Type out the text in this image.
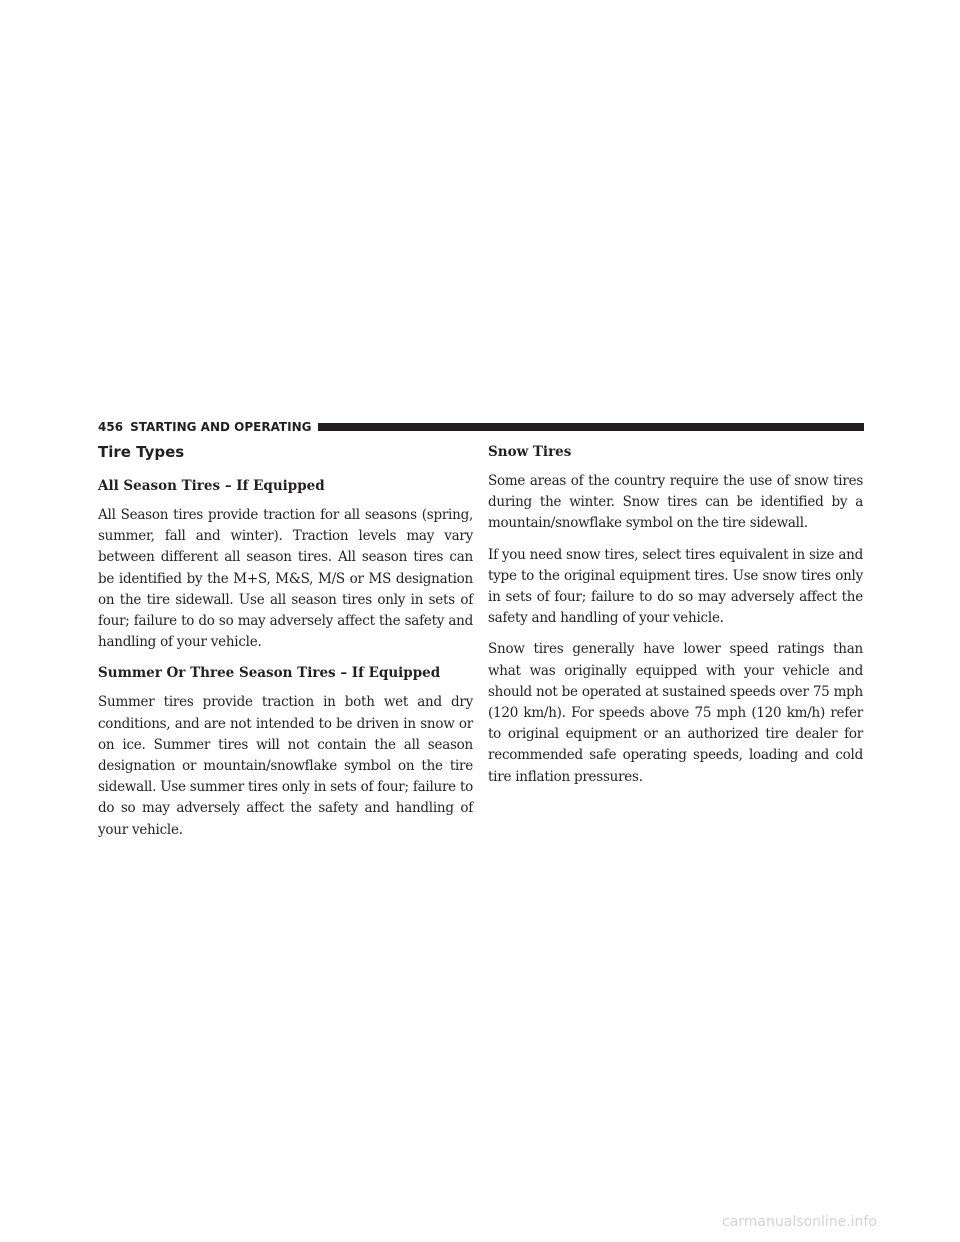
456 STARTING AND OPERATING
Tire Types
All Season Tires – If Equipped

All Season tires provide traction for all seasons (spring, summer, fall and winter). Traction levels may vary between different all season tires. All season tires can be identified by the M+S, M&S, M/S or MS designation on the tire sidewall. Use all season tires only in sets of four; failure to do so may adversely affect the safety and handling of your vehicle.

Summer Or Three Season Tires – If Equipped

Summer tires provide traction in both wet and dry conditions, and are not intended to be driven in snow or on ice. Summer tires will not contain the all season designation or mountain/snowflake symbol on the tire sidewall. Use summer tires only in sets of four; failure to do so may adversely affect the safety and handling of your vehicle.

Snow Tires

Some areas of the country require the use of snow tires during the winter. Snow tires can be identified by a mountain/snowflake symbol on the tire sidewall.

If you need snow tires, select tires equivalent in size and type to the original equipment tires. Use snow tires only in sets of four; failure to do so may adversely affect the safety and handling of your vehicle.

Snow tires generally have lower speed ratings than what was originally equipped with your vehicle and should not be operated at sustained speeds over 75 mph (120 km/h). For speeds above 75 mph (120 km/h) refer to original equipment or an authorized tire dealer for recommended safe operating speeds, loading and cold tire inflation pressures.

carmanualsonline.info
